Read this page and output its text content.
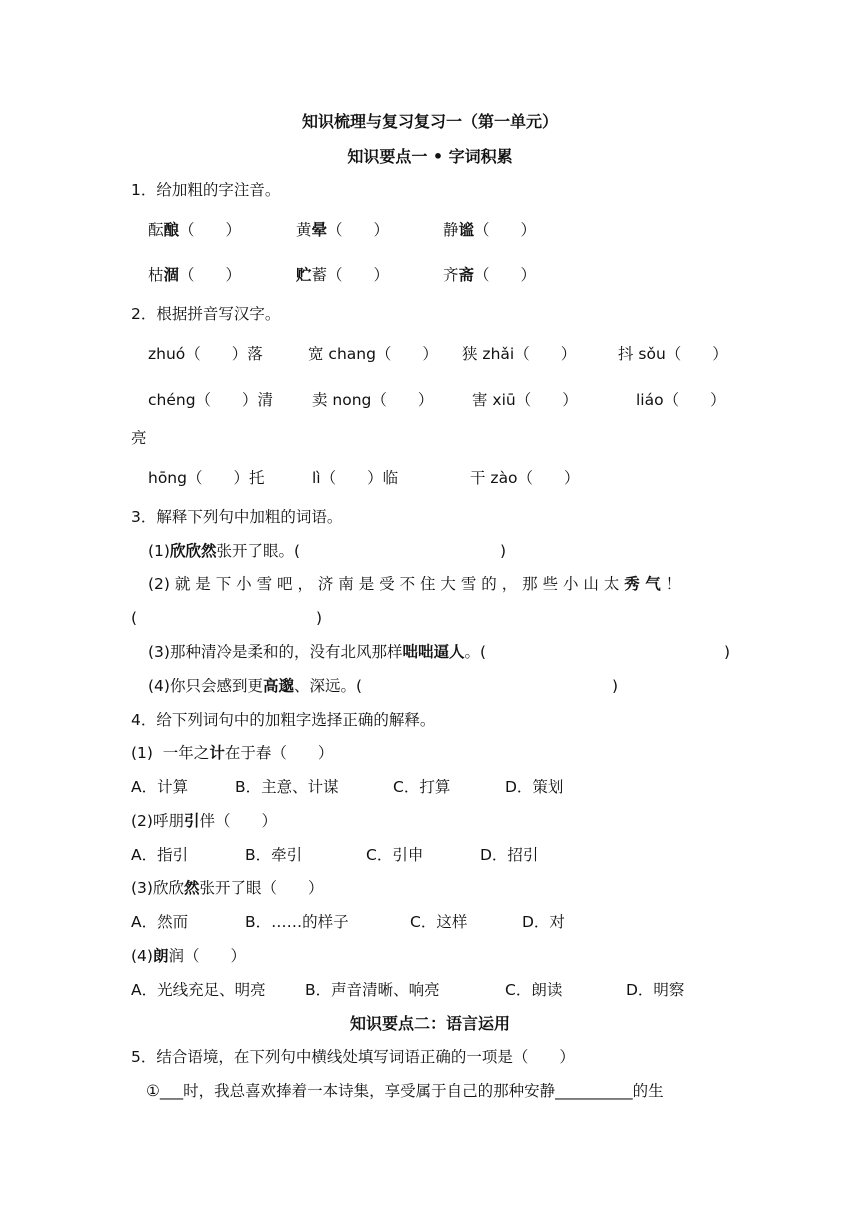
知识梳理与复习复习一（第一单元）
知识要点一 • 字词积累
1．给加粗的字注音。
酝酿（　　）	黄晕（　　）	静谧（　　）
枯涸（　　）	贮蓄（　　）	齐斋（　　）
2．根据拼音写汉字。
zhuó（　　）落	宽 chang（　　） 狭 zhǎi（　　）	抖 sǒu（　　）
chéng（　　）清	卖 nong（　　） 害 xiū（　　）	liáo（　　）
亮
hōng（　　）托	lì（　　）临	干 zào（　　）
3．解释下列句中加粗的词语。
(1)欣欣然张开了眼。(	)
(2) 就 是 下 小 雪 吧 ， 济 南 是 受 不 住 大 雪 的 ， 那 些 小 山 太 秀 气 ！
(	)
(3)那种清冷是柔和的，没有北风那样咄咄逼人。(	)
(4)你只会感到更高邈、深远。(	)
4．给下列词句中的加粗字选择正确的解释。
(1)  一年之计在于春（　　）
A．计算	B．主意、计谋	C．打算	D．策划
(2)呼朋引伴（　　）
A．指引	B．牵引	C．引申	D．招引
(3)欣欣然张开了眼（　　）
A．然而	B．……的样子	C．这样	D．对
(4)朗润（　　）
A．光线充足、明亮	B．声音清晰、响亮	C．朗读	D．明察
知识要点二：语言运用
5．结合语境，在下列句中横线处填写词语正确的一项是（　　）
①___时，我总喜欢捧着一本诗集，享受属于自己的那种安静__________的生
